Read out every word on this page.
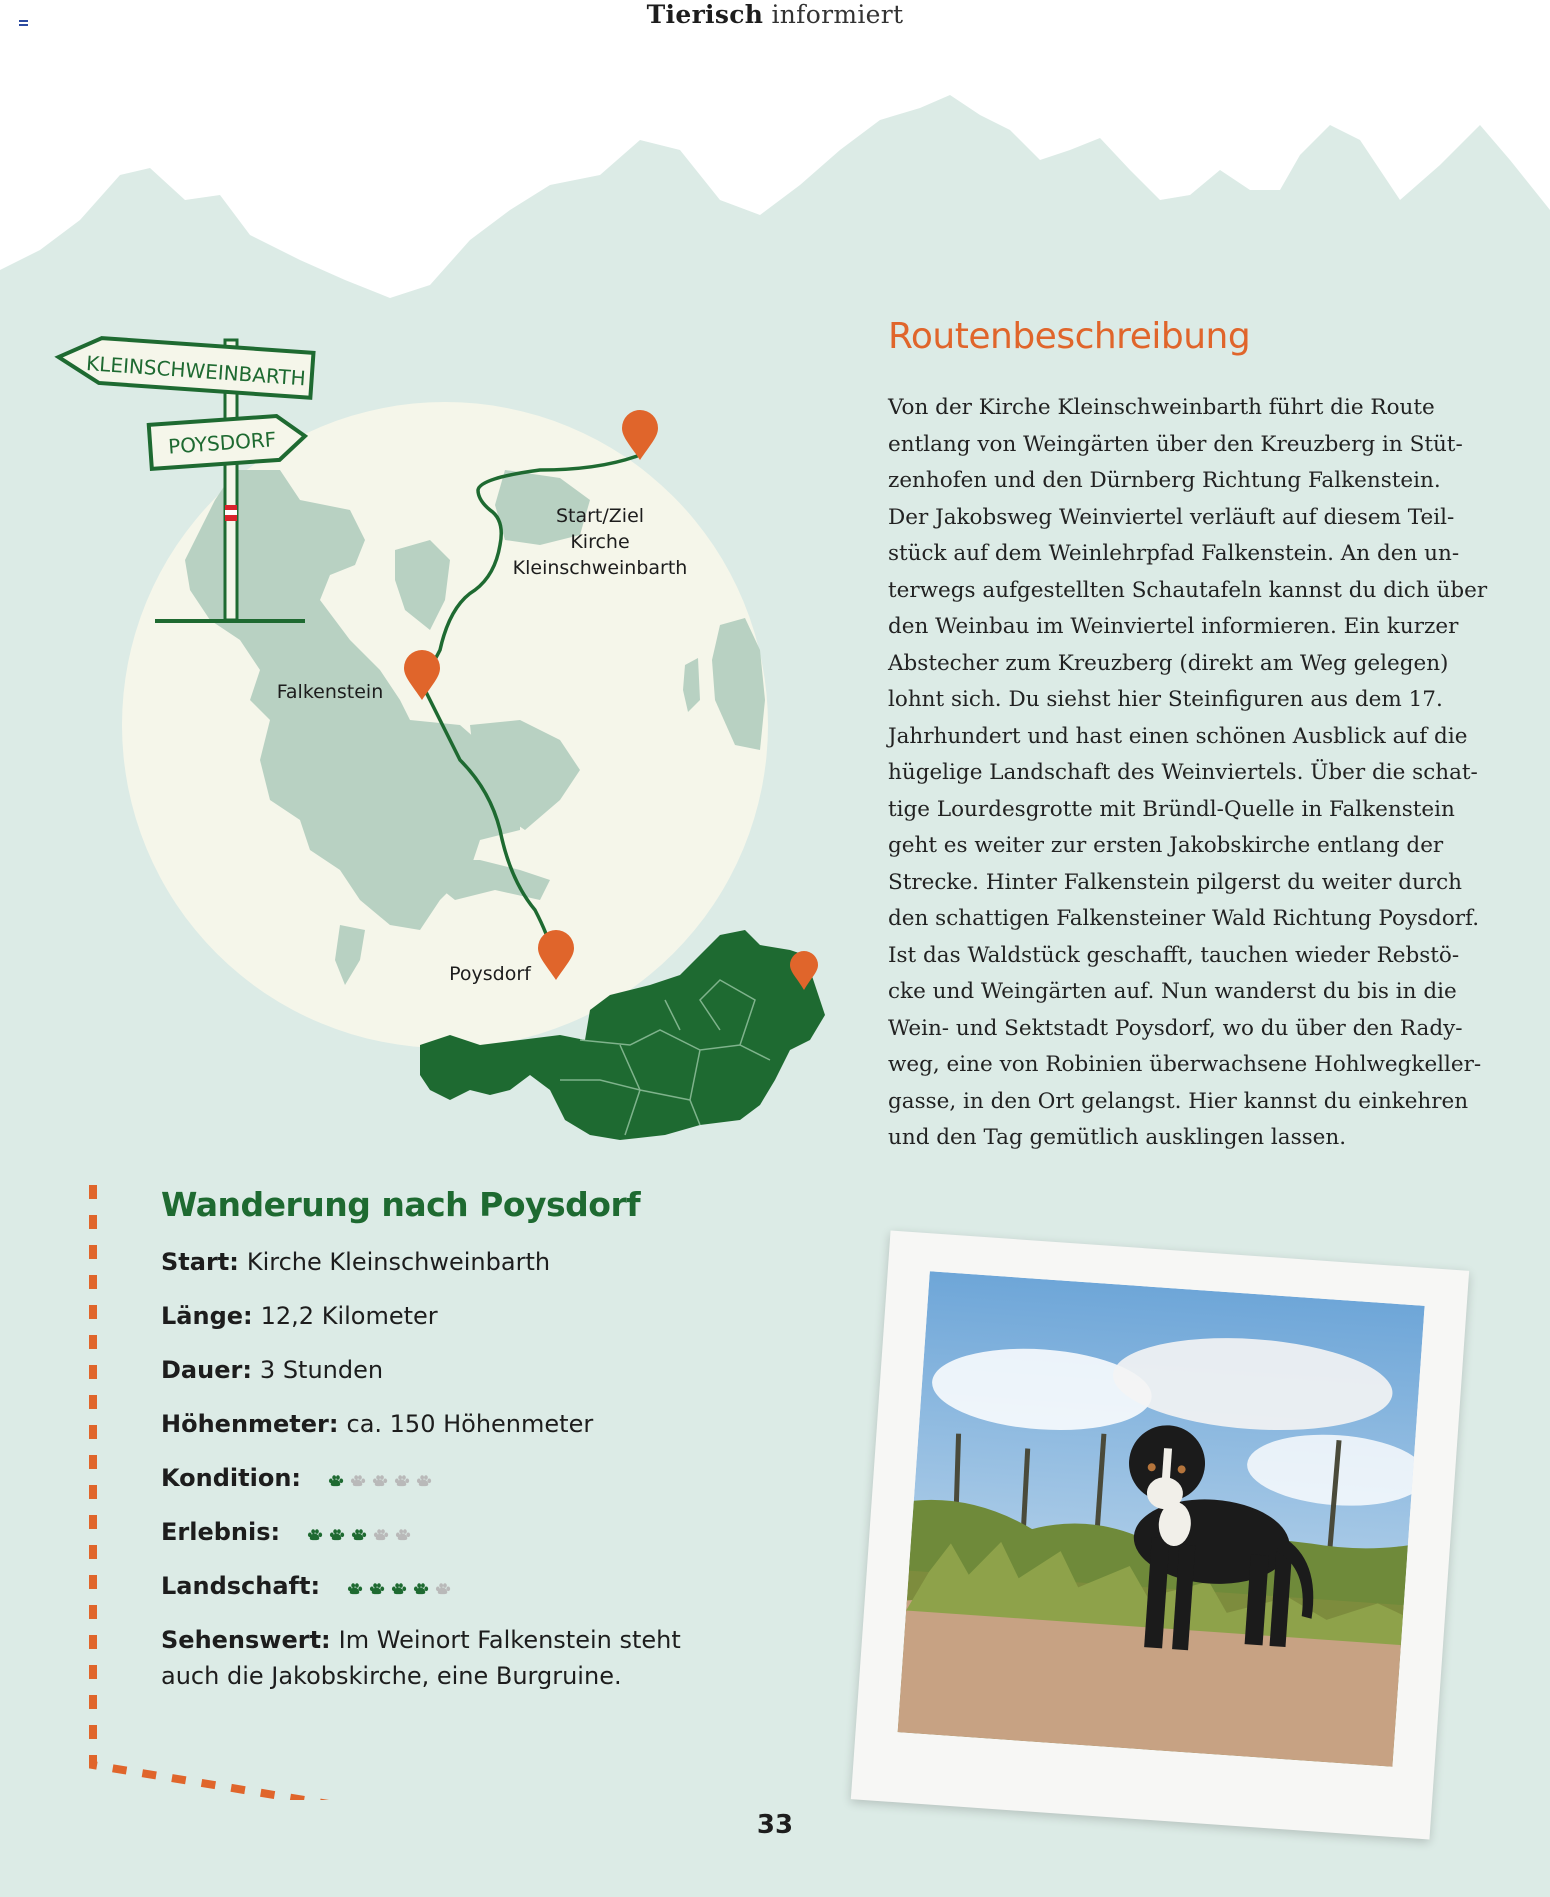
Tierisch informiert
Start/Ziel
Kirche
Kleinschweinbarth
Falkenstein
Poysdorf
KLEINSCHWEINBARTH
POYSDORF
Routenbeschreibung
Von der Kirche Kleinschweinbarth führt die Route
entlang von Weingärten über den Kreuzberg in Stüt-
zenhofen und den Dürnberg Richtung Falkenstein.
Der Jakobsweg Weinviertel verläuft auf diesem Teil-
stück auf dem Weinlehrpfad Falkenstein. An den un-
terwegs aufgestellten Schautafeln kannst du dich über
den Weinbau im Weinviertel informieren. Ein kurzer
Abstecher zum Kreuzberg (direkt am Weg gelegen)
lohnt sich. Du siehst hier Steinfiguren aus dem 17.
Jahrhundert und hast einen schönen Ausblick auf die
hügelige Landschaft des Weinviertels. Über die schat-
tige Lourdesgrotte mit Bründl-Quelle in Falkenstein
geht es weiter zur ersten Jakobskirche entlang der
Strecke. Hinter Falkenstein pilgerst du weiter durch
den schattigen Falkensteiner Wald Richtung Poysdorf.
Ist das Waldstück geschafft, tauchen wieder Rebstö-
cke und Weingärten auf. Nun wanderst du bis in die
Wein- und Sektstadt Poysdorf, wo du über den Rady-
weg, eine von Robinien überwachsene Hohlwegkeller-
gasse, in den Ort gelangst. Hier kannst du einkehren
und den Tag gemütlich ausklingen lassen.
Wanderung nach Poysdorf
Start: Kirche Kleinschweinbarth
Länge: 12,2 Kilometer
Dauer: 3 Stunden
Höhenmeter: ca. 150 Höhenmeter
Kondition:
Erlebnis:
Landschaft:
Sehenswert: Im Weinort Falkenstein steht
auch die Jakobskirche, eine Burgruine.
33
